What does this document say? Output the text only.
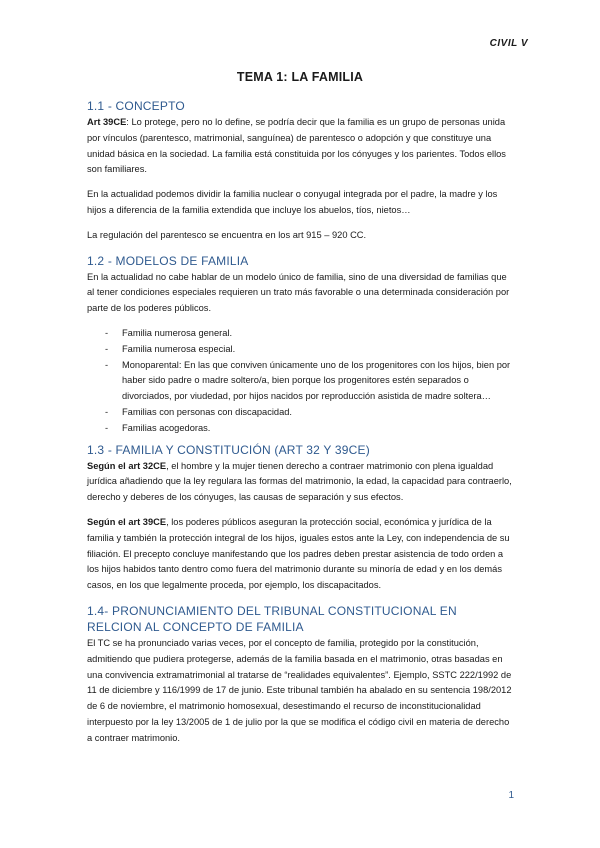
CIVIL V
TEMA 1: LA FAMILIA
1.1 - CONCEPTO
Art 39CE: Lo protege, pero no lo define, se podría decir que la familia es un grupo de personas unida por vínculos (parentesco, matrimonial, sanguínea) de parentesco o adopción y que constituye una unidad básica en la sociedad. La familia está constituida por los cónyuges y los parientes. Todos ellos son familiares.
En la actualidad podemos dividir la familia nuclear o conyugal integrada por el padre, la madre y los hijos a diferencia de la familia extendida que incluye los abuelos, tíos, nietos…
La regulación del parentesco se encuentra en los art 915 – 920 CC.
1.2 - MODELOS DE FAMILIA
En la actualidad no cabe hablar de un modelo único de familia, sino de una diversidad de familias que al tener condiciones especiales requieren un trato más favorable o una determinada consideración por parte de los poderes públicos.
- Familia numerosa general.
- Familia numerosa especial.
- Monoparental: En las que conviven únicamente uno de los progenitores con los hijos, bien por haber sido padre o madre soltero/a, bien porque los progenitores estén separados o divorciados, por viudedad, por hijos nacidos por reproducción asistida de madre soltera…
- Familias con personas con discapacidad.
- Familias acogedoras.
1.3 - FAMILIA Y CONSTITUCIÓN (ART 32 Y 39CE)
Según el art 32CE, el hombre y la mujer tienen derecho a contraer matrimonio con plena igualdad jurídica añadiendo que la ley regulara las formas del matrimonio, la edad, la capacidad para contraerlo, derecho y deberes de los cónyuges, las causas de separación y sus efectos.
Según el art 39CE, los poderes públicos aseguran la protección social, económica y jurídica de la familia y también la protección integral de los hijos, iguales estos ante la Ley, con independencia de su filiación. El precepto concluye manifestando que los padres deben prestar asistencia de todo orden a los hijos habidos tanto dentro como fuera del matrimonio durante su minoría de edad y en los demás casos, en los que legalmente proceda, por ejemplo, los discapacitados.
1.4- PRONUNCIAMIENTO DEL TRIBUNAL CONSTITUCIONAL EN RELCION AL CONCEPTO DE FAMILIA
El TC se ha pronunciado varias veces, por el concepto de familia, protegido por la constitución, admitiendo que pudiera protegerse, además de la familia basada en el matrimonio, otras basadas en una convivencia extramatrimonial al tratarse de “realidades equivalentes”. Ejemplo, SSTC 222/1992 de 11 de diciembre y 116/1999 de 17 de junio. Este tribunal también ha abalado en su sentencia 198/2012 de 6 de noviembre, el matrimonio homosexual, desestimando el recurso de inconstitucionalidad interpuesto por la ley 13/2005 de 1 de julio por la que se modifica el código civil en materia de derecho a contraer matrimonio.
1
